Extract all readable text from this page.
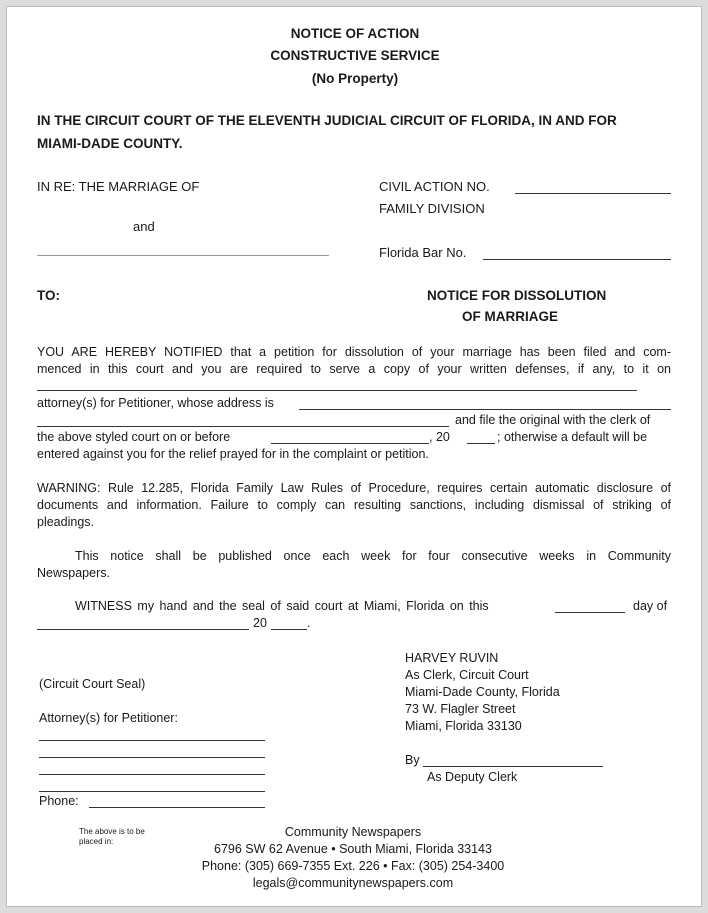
NOTICE OF ACTION
CONSTRUCTIVE SERVICE
(No Property)
IN THE CIRCUIT COURT OF THE ELEVENTH JUDICIAL CIRCUIT OF FLORIDA, IN AND FOR
MIAMI-DADE COUNTY.
IN RE: THE MARRIAGE OF
and
CIVIL ACTION NO.
FAMILY DIVISION
Florida Bar No.
TO:	NOTICE FOR DISSOLUTION
OF MARRIAGE
YOU ARE HEREBY NOTIFIED that a petition for dissolution of your marriage has been filed and com-
menced in this court and you are required to serve a copy of your written defenses, if any, to it on
attorney(s) for Petitioner, whose address is
and file the original with the clerk of
the above styled court on or before	, 20	; otherwise a default will be
entered against you for the relief prayed for in the complaint or petition.
WARNING: Rule 12.285, Florida Family Law Rules of Procedure, requires certain automatic disclosure of
documents and information. Failure to comply can resulting sanctions, including dismissal of striking of
pleadings.
This notice shall be published once each week for four consecutive weeks in Community
Newspapers.
WITNESS my hand and the seal of said court at Miami, Florida on this	day of
20	.
HARVEY RUVIN
As Clerk, Circuit Court
Miami-Dade County, Florida
73 W. Flagler Street
Miami, Florida 33130
By
As Deputy Clerk
(Circuit Court Seal)
Attorney(s) for Petitioner:
Phone:
The above is to be placed in:
Community Newspapers
6796 SW 62 Avenue • South Miami, Florida 33143
Phone: (305) 669-7355 Ext. 226 • Fax: (305) 254-3400
legals@communitynewspapers.com
